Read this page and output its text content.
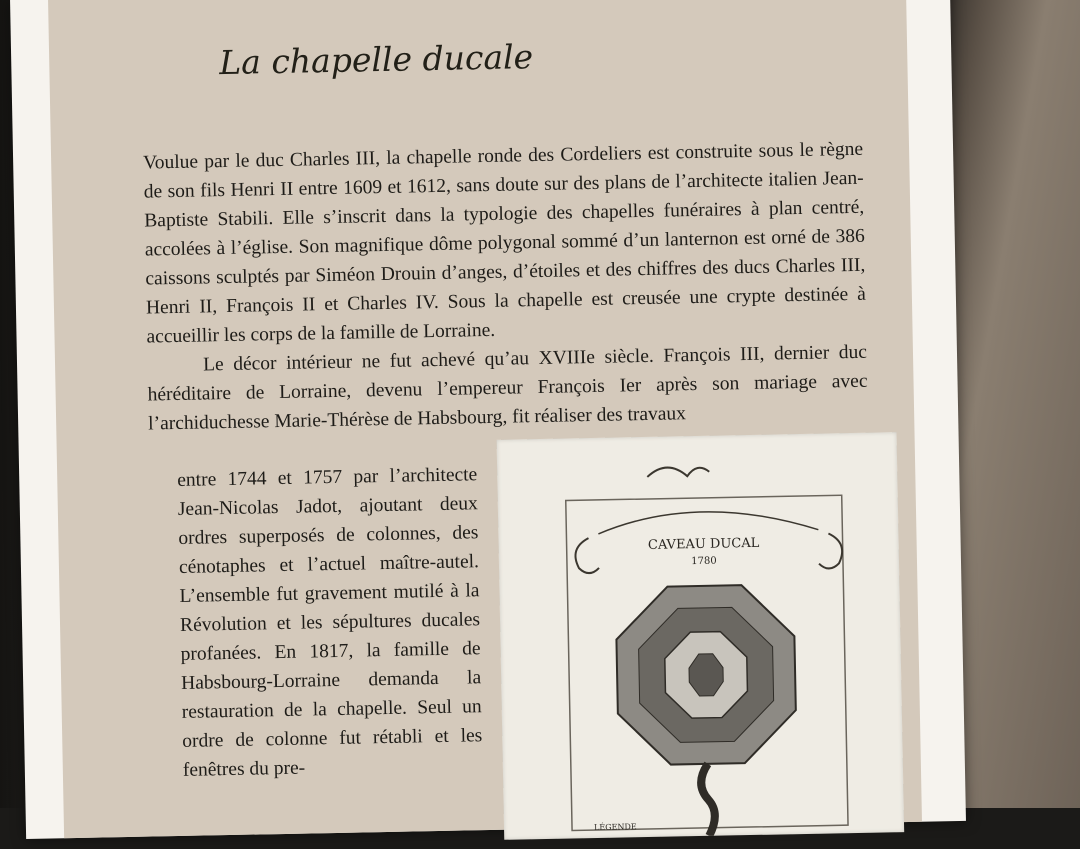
La chapelle ducale

Voulue par le duc Charles III, la chapelle ronde des Cordeliers est construite sous le règne de son fils Henri II entre 1609 et 1612, sans doute sur des plans de l’architecte italien Jean-Baptiste Stabili. Elle s’inscrit dans la typologie des chapelles funéraires à plan centré, accolées à l’église. Son magnifique dôme polygonal sommé d’un lanternon est orné de 386 caissons sculptés par Siméon Drouin d’anges, d’étoiles et des chiffres des ducs Charles III, Henri II, François II et Charles IV. Sous la chapelle est creusée une crypte destinée à accueillir les corps de la famille de Lorraine.

Le décor intérieur ne fut achevé qu’au XVIIIe siècle. François III, dernier duc héréditaire de Lorraine, devenu l’empereur François Ier après son mariage avec l’archiduchesse Marie-Thérèse de Habsbourg, fit réaliser des travaux

entre 1744 et 1757 par l’architecte Jean-Nicolas Jadot, ajoutant deux ordres superposés de colonnes, des cénotaphes et l’actuel maître-autel. L’ensemble fut gravement mutilé à la Révolution et les sépultures ducales profanées. En 1817, la famille de Habsbourg-Lorraine demanda la restauration de la chapelle. Seul un ordre de colonne fut rétabli et les fenêtres du pre-

CAVEAU DUCAL
1780
LÉGENDE
